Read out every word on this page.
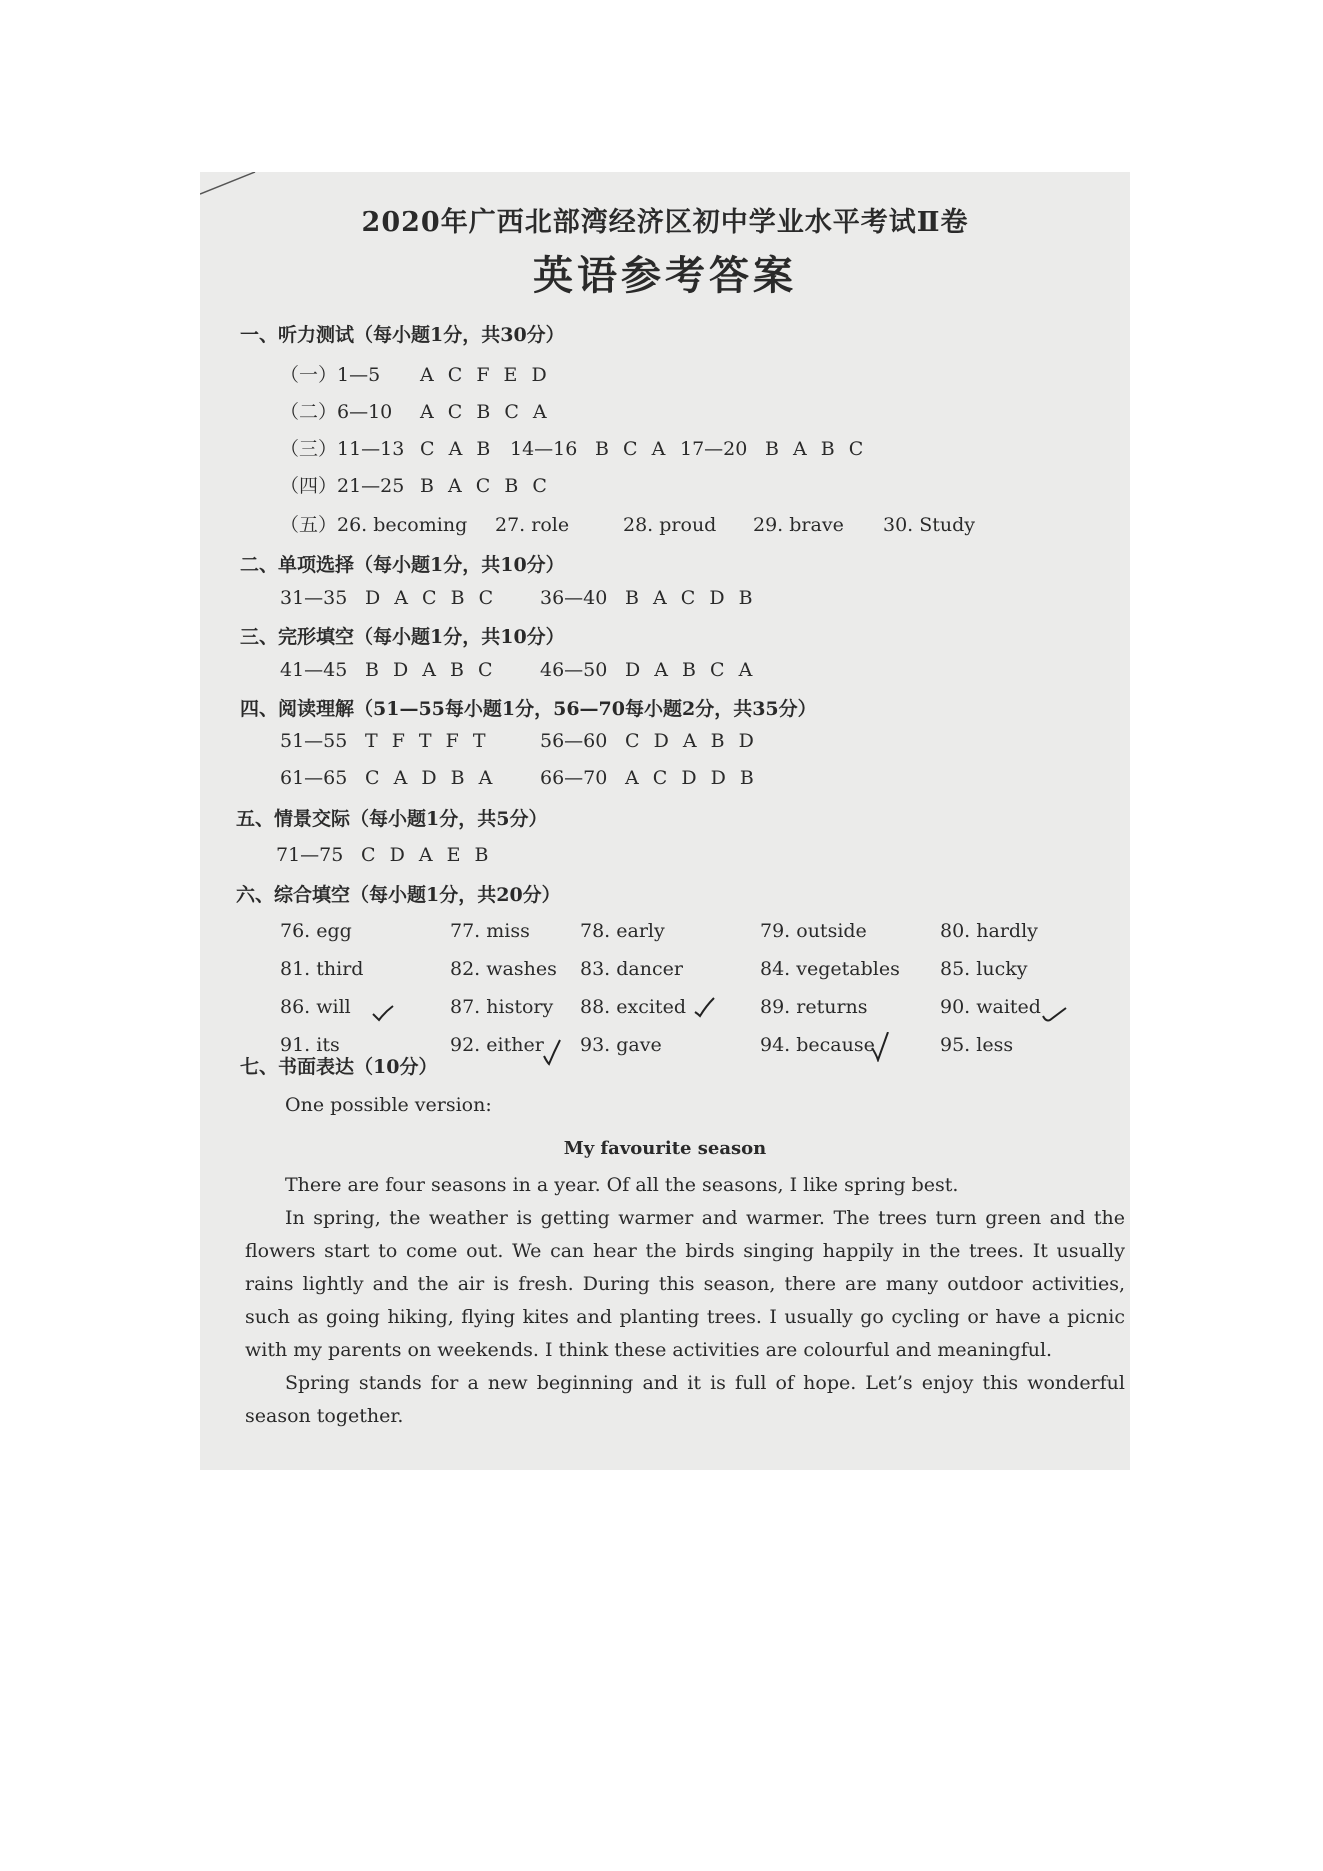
2020年广西北部湾经济区初中学业水平考试Ⅱ卷
英语参考答案
一、听力测试（每小题1分，共30分）
（一）1—5	A C F E D
（二）6—10	A C B C A
（三）11—13 C A B 14—16 B C A 17—20 B A B C
（四）21—25 B A C B C
（五）26. becoming	27. role	28. proud	29. brave	30. Study
二、单项选择（每小题1分，共10分）
31—35 D A C B C	36—40 B A C D B
三、完形填空（每小题1分，共10分）
41—45 B D A B C	46—50 D A B C A
四、阅读理解（51—55每小题1分，56—70每小题2分，共35分）
51—55 T F T F T	56—60 C D A B D
61—65 C A D B A	66—70 A C D D B
五、情景交际（每小题1分，共5分）
71—75 C D A E B
六、综合填空（每小题1分，共20分）
76. egg	77. miss	78. early	79. outside	80. hardly
81. third	82. washes 83. dancer	84. vegetables 85. lucky
86. will	87. history 88. excited	89. returns	90. waited
91. its	92. either 93. gave	94. because	95. less
七、书面表达（10分）
One possible version:
My favourite season

There are four seasons in a year. Of all the seasons, I like spring best.

In spring, the weather is getting warmer and warmer. The trees turn green and the flowers start to come out. We can hear the birds singing happily in the trees. It usually rains lightly and the air is fresh. During this season, there are many outdoor activities, such as going hiking, flying kites and planting trees. I usually go cycling or have a picnic with my parents on weekends. I think these activities are colourful and meaningful.

Spring stands for a new beginning and it is full of hope. Let’s enjoy this wonderful season together.
